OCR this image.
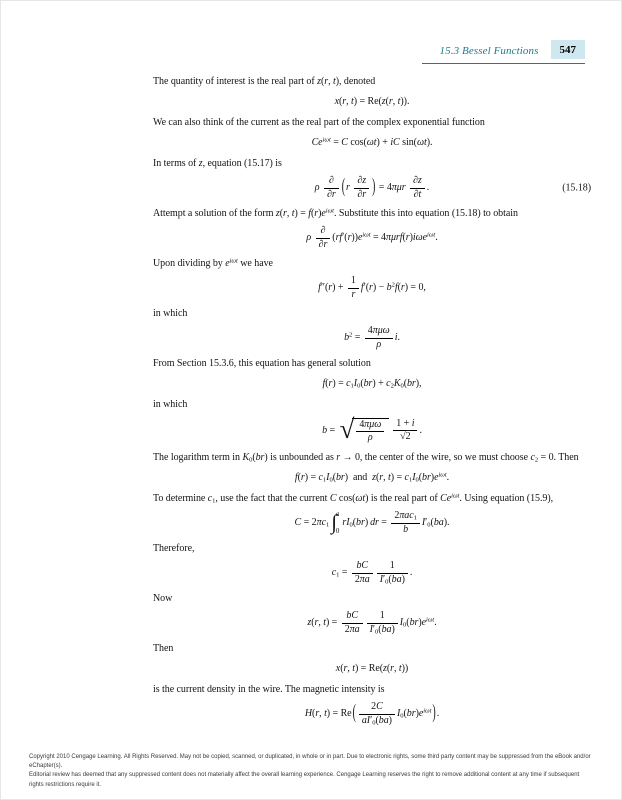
15.3 Bessel Functions	547

The quantity of interest is the real part of z(r, t), denoted

x(r, t) = Re(z(r, t)).

We can also think of the current as the real part of the complex exponential function

$Ce^{i\omega t} = C$ cos(ωt) + iC sin(ωt).

In terms of z, equation (15.17) is

ρ $\frac{\partial}{\partial r} (r \frac{\partial z}{\partial r}$ ) = $4\pi\mu r \frac{\partial z}{\partial t}$ .	(15.18)

Attempt a solution of the form z(r, $t) = f(r)e^{i\omega t}$. Substitute this into equation (15.18) to obtain

ρ $\frac{\partial}{\partial r} (rf'(r))e^{i\omega t} = 4\pi\mu rf(r)i\omega e^{i\omega t}$.

Upon dividing by $e^{i\omega t}$ we have

$f''(r) + \frac{1}{r} f'(r) - b^2f(r) = 0$,

in which

$b^2 = \frac{\text{4πμω}}{\rho} i$.

From Section 15.3.6, this equation has general solution

$f(r) = c_1I_0(br) + c_2K_0(br)$,

in which

b = √ $\frac{\text{4πμω}}{\rho} \frac{1 + i}{√2}$ .

The logarithm term in $K_0(br)$ is unbounded as r → 0, the center of the wire, so we must choose $c_2 = 0$. Then

$f(r) = c_1I_0(br)$  and  z(r, $t) = c_1I_0(br)e^{i\omega t}$.

To determine $c_1$, use the fact that the current C cos(ωt) is the real part of $Ce^{i\omega t}$. Using equation (15.9),

$C = 2\pi c_1\int$ a
0
$rI_0(br)$ dr = $\frac{2\pi ac_1}{b} I'_0(ba)$.

Therefore,

$c_1 = \frac{bC}{2\pi a} \frac{1}{I'_0(ba)}$ .

Now

z(r, $t) = \frac{bC}{2\pi a} \frac{1}{I'_0(ba)} I_0(br)e^{i\omega t}$.

Then

x(r, t) = Re(z(r, t))

is the current density in the wire. The magnetic intensity is

H(r, $t) = Re( \frac{2C}{aI'_0(ba)} I_0(br)e^{i\omega t})$.
Copyright 2010 Cengage Learning. All Rights Reserved. May not be copied, scanned, or duplicated, in whole or in part. Due to electronic rights, some third party content may be suppressed from the eBook and/or eChapter(s).
Editorial review has deemed that any suppressed content does not materially affect the overall learning experience. Cengage Learning reserves the right to remove additional content at any time if subsequent rights restrictions require it.
